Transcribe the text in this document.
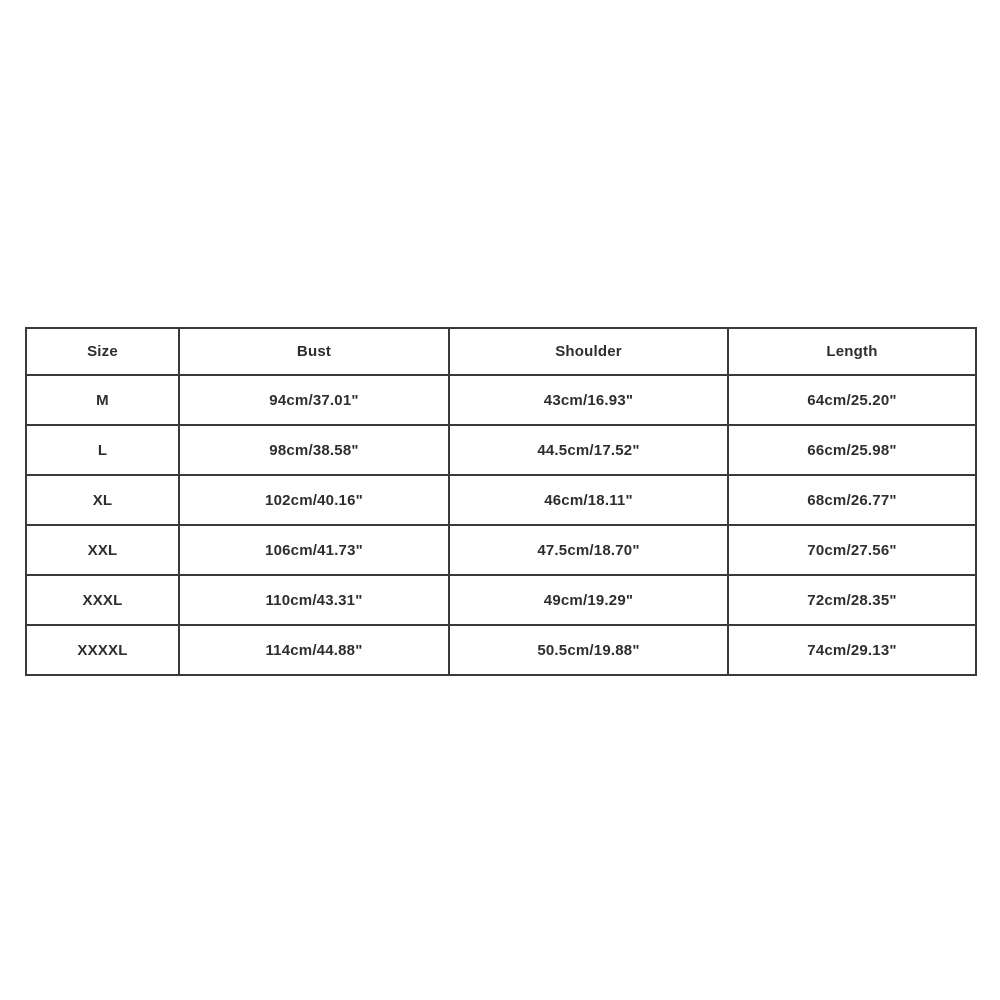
Size	Bust	Shoulder	Length
M	94cm/37.01"	43cm/16.93"	64cm/25.20"
L	98cm/38.58"	44.5cm/17.52"	66cm/25.98"
XL	102cm/40.16"	46cm/18.11"	68cm/26.77"
XXL	106cm/41.73"	47.5cm/18.70"	70cm/27.56"
XXXL	110cm/43.31"	49cm/19.29"	72cm/28.35"
XXXXL	114cm/44.88"	50.5cm/19.88"	74cm/29.13"
